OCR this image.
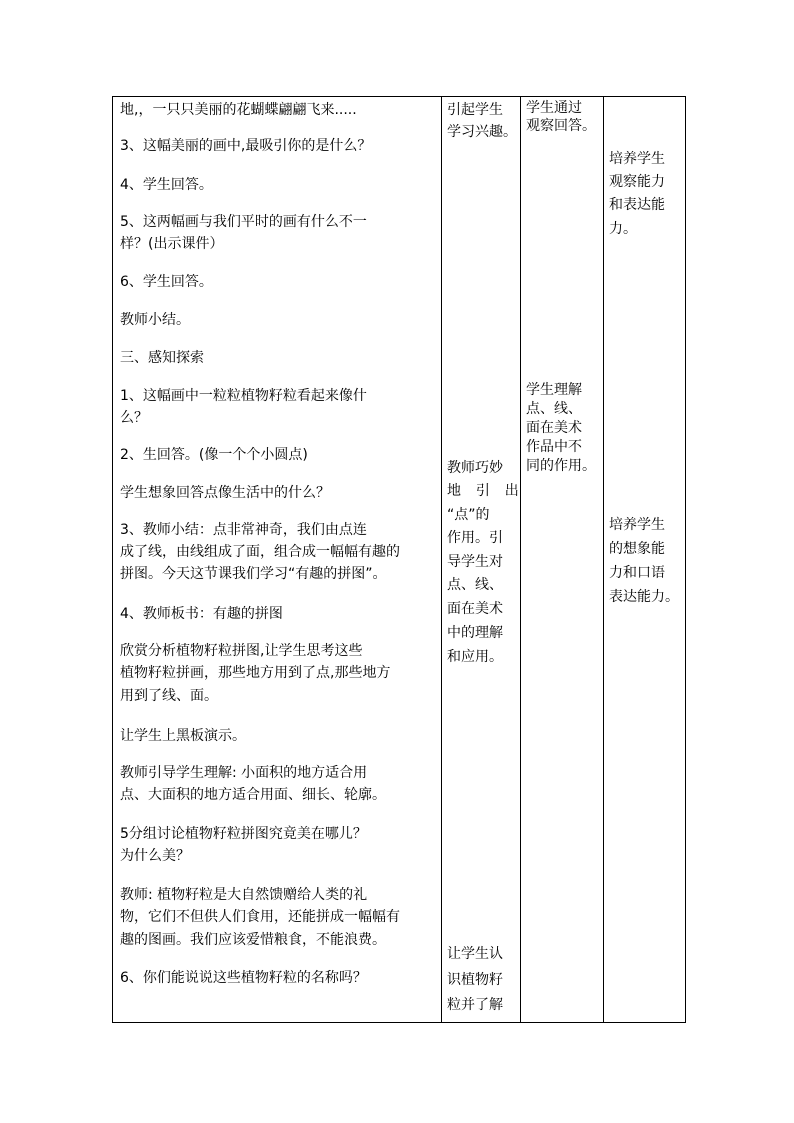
地,，一只只美丽的花蝴蝶翩翩飞来.....
3、这幅美丽的画中,最吸引你的是什么？
4、学生回答。
5、这两幅画与我们平时的画有什么不一
样？(出示课件）
6、学生回答。
教师小结。
三、感知探索
1、这幅画中一粒粒植物籽粒看起来像什
么？
2、生回答。(像一个个小圆点)
学生想象回答点像生活中的什么？
3、教师小结：点非常神奇，我们由点连
成了线，由线组成了面，组合成一幅幅有趣的
拼图。今天这节课我们学习“有趣的拼图”。
4、教师板书：有趣的拼图
欣赏分析植物籽粒拼图,让学生思考这些
植物籽粒拼画，那些地方用到了点,那些地方
用到了线、面。
让学生上黑板演示。
教师引导学生理解: 小面积的地方适合用
点、大面积的地方适合用面、细长、轮廓。
5分组讨论植物籽粒拼图究竟美在哪儿？
为什么美？
教师: 植物籽粒是大自然馈赠给人类的礼
物，它们不但供人们食用，还能拼成一幅幅有
趣的图画。我们应该爱惜粮食，不能浪费。
6、你们能说说这些植物籽粒的名称吗？

引起学生
学习兴趣。
教师巧妙
地 引 出
“点”的
作用。引
导学生对
点、线、
面在美术
中的理解
和应用。
让学生认
识植物籽
粒并了解

学生通过
观察回答。
学生理解
点、线、
面在美术
作品中不
同的作用。

培养学生
观察能力
和表达能
力。
培养学生
的想象能
力和口语
表达能力。
